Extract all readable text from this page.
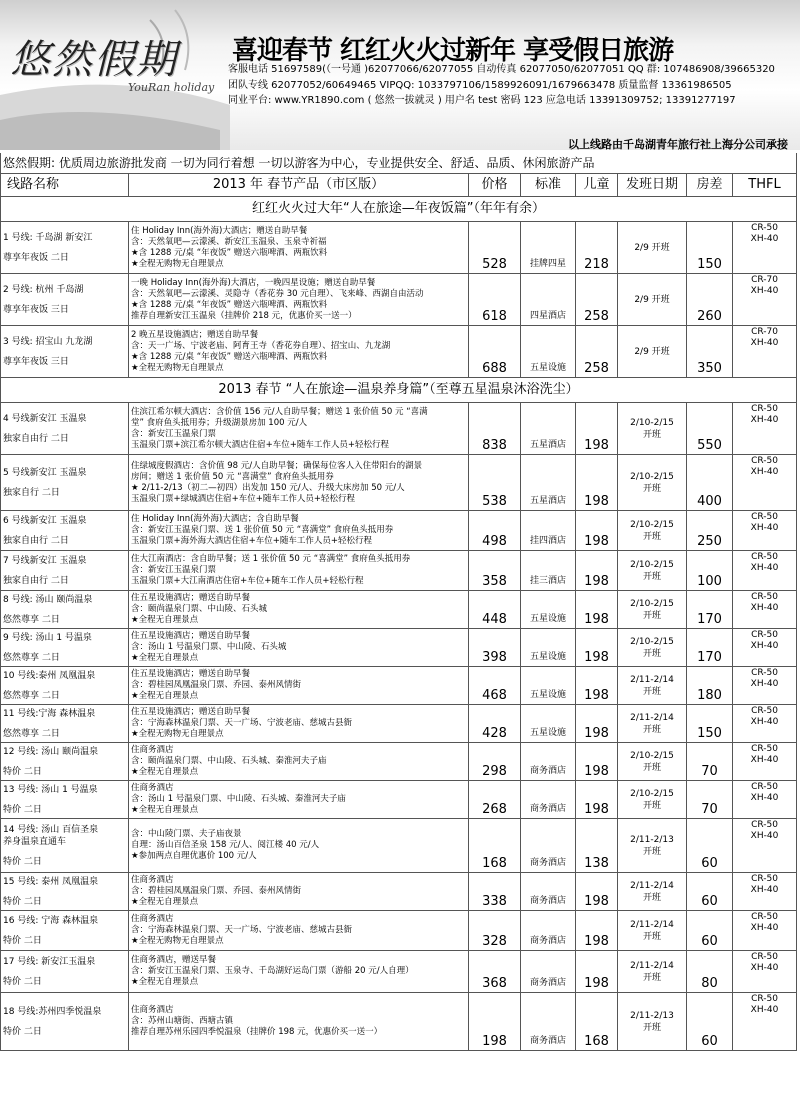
悠然假期
YouRan holiday
喜迎春节 红红火火过新年 享受假日旅游
客服电话 51697589(（一号通 )62077066/62077055 自动传真 62077050/62077051 QQ 群: 107486908/39665320
团队专线 62077052/60649465 VIPQQ: 1033797106/1589926091/1679663478 质量监督 13361986505
同业平台: www.YR1890.com ( 悠然一拔就灵 ) 用户名 test 密码 123 应急电话 13391309752; 13391277197
以上线路由千岛湖青年旅行社上海分公司承接
悠然假期: 优质周边旅游批发商 一切为同行着想 一切以游客为中心，专业提供安全、舒适、品质、休闲旅游产品							
线路名称	2013 年 春节产品（市区版）	价格	标准	儿童	发班日期	房差	THFL
红红火火过大年“人在旅途—年夜饭篇”（年年有余）							

1 号线: 千岛湖 新安江
尊享年夜饭 二日	住 Holiday Inn(海外海)大酒店；赠送自助早餐
含：天然氧吧—云濛溪、新安江玉温泉、玉泉寺祈福
★含 1288 元/桌 “年夜饭” 赠送六瓶啤酒、两瓶饮料
★全程无购物无自理景点	528	挂牌四星	218	2/9 开班	150	CR-50
XH-40

2 号线: 杭州 千岛湖
尊享年夜饭 三日	一晚 Holiday Inn(海外海)大酒店，一晚四星设施；赠送自助早餐
含：天然氧吧—云濛溪、灵隐寺（香花券 30 元自理）、飞来峰、西湖自由活动
★含 1288 元/桌 “年夜饭” 赠送六瓶啤酒、两瓶饮料
推荐自理新安江玉温泉（挂牌价 218 元，优惠价买一送一）	618	四星酒店	258	2/9 开班	260	CR-70
XH-40

3 号线: 招宝山 九龙湖
尊享年夜饭 三日	2 晚五星设施酒店；赠送自助早餐
含：天一广场、宁波老庙、阿育王寺（香花券自理）、招宝山、九龙湖
★含 1288 元/桌 “年夜饭” 赠送六瓶啤酒、两瓶饮料
★全程无购物无自理景点	688	五星设施	258	2/9 开班	350	CR-70
XH-40

2013 春节 “人在旅途—温泉养身篇”（至尊五星温泉沐浴洗尘）							

4 号线新安江 玉温泉
独家自由行 二日	住滨江希尔顿大酒店：含价值 156 元/人自助早餐；赠送 1 张价值 50 元 “喜满
堂” 食府鱼头抵用券；升级湖景房加 100 元/人
含：新安江玉温泉门票
玉温泉门票+滨江希尔顿大酒店住宿+车位+随车工作人员+轻松行程	838	五星酒店	198	2/10-2/15
开班	550	CR-50
XH-40

5 号线新安江 玉温泉
独家自行 二日	住绿城度假酒店：含价值 98 元/人自助早餐；确保每位客人入住带阳台的湖景
房间；赠送 1 张价值 50 元 “喜满堂” 食府鱼头抵用券
★ 2/11-2/13（初二—初四）出发加 150 元/人、升级大床房加 50 元/人
玉温泉门票+绿城酒店住宿+车位+随车工作人员+轻松行程	538	五星酒店	198	2/10-2/15
开班	400	CR-50
XH-40

6 号线新安江 玉温泉
独家自由行 二日	住 Holiday Inn(海外海)大酒店；含自助早餐
含：新安江玉温泉门票、送 1 张价值 50 元 “喜满堂” 食府鱼头抵用券
玉温泉门票+海外海大酒店住宿+车位+随车工作人员+轻松行程	498	挂四酒店	198	2/10-2/15
开班	250	CR-50
XH-40

7 号线新安江 玉温泉
独家自由行 二日	住大江南酒店：含自助早餐；送 1 张价值 50 元 “喜满堂” 食府鱼头抵用券
含：新安江玉温泉门票
玉温泉门票+大江南酒店住宿+车位+随车工作人员+轻松行程	358	挂三酒店	198	2/10-2/15
开班	100	CR-50
XH-40

8 号线: 汤山 颐尚温泉
悠然尊享 二日	住五星设施酒店；赠送自助早餐
含：颐尚温泉门票、中山陵、石头城
★全程无自理景点	448	五星设施	198	2/10-2/15
开班	170	CR-50
XH-40

9 号线: 汤山 1 号温泉
悠然尊享 二日	住五星设施酒店；赠送自助早餐
含：汤山 1 号温泉门票、中山陵、石头城
★全程无自理景点	398	五星设施	198	2/10-2/15
开班	170	CR-50
XH-40

10 号线:泰州 凤凰温泉
悠然尊享 二日	住五星设施酒店；赠送自助早餐
含：碧桂园凤凰温泉门票、乔园、泰州风情街
★全程无自理景点	468	五星设施	198	2/11-2/14
开班	180	CR-50
XH-40

11 号线:宁海 森林温泉
悠然尊享 二日	住五星设施酒店；赠送自助早餐
含：宁海森林温泉门票、天一广场、宁波老庙、慈城古县衙
★全程无购物无自理景点	428	五星设施	198	2/11-2/14
开班	150	CR-50
XH-40

12 号线: 汤山 颐尚温泉
特价 二日	住商务酒店
含：颐尚温泉门票、中山陵、石头城、秦淮河夫子庙
★全程无自理景点	298	商务酒店	198	2/10-2/15
开班	70	CR-50
XH-40

13 号线: 汤山 1 号温泉
特价 二日	住商务酒店
含：汤山 1 号温泉门票、中山陵、石头城、秦淮河夫子庙
★全程无自理景点	268	商务酒店	198	2/10-2/15
开班	70	CR-50
XH-40

14 号线: 汤山 百信圣泉
养身温泉直通车
特价 二日	含：中山陵门票、夫子庙夜景
自理：汤山百信圣泉 158 元/人、阅江楼 40 元/人
★参加两点自理优惠价 100 元/人	168	商务酒店	138	2/11-2/13
开班	60	CR-50
XH-40

15 号线: 泰州 凤凰温泉
特价 二日	住商务酒店
含：碧桂园凤凰温泉门票、乔园、泰州风情街
★全程无自理景点	338	商务酒店	198	2/11-2/14
开班	60	CR-50
XH-40

16 号线: 宁海 森林温泉
特价 二日	住商务酒店
含：宁海森林温泉门票、天一广场、宁波老庙、慈城古县衙
★全程无购物无自理景点	328	商务酒店	198	2/11-2/14
开班	60	CR-50
XH-40

17 号线: 新安江玉温泉
特价 二日	住商务酒店，赠送早餐
含：新安江玉温泉门票、玉泉寺、千岛湖好运岛门票（游船 20 元/人自理）
★全程无自理景点	368	商务酒店	198	2/11-2/14
开班	80	CR-50
XH-40

18 号线:苏州四季悦温泉
特价 二日	住商务酒店
含：苏州山塘街、西塘古镇
推荐自理苏州乐园四季悦温泉（挂牌价 198 元，优惠价买一送一）	198	商务酒店	168	2/11-2/13
开班	60	CR-50
XH-40
